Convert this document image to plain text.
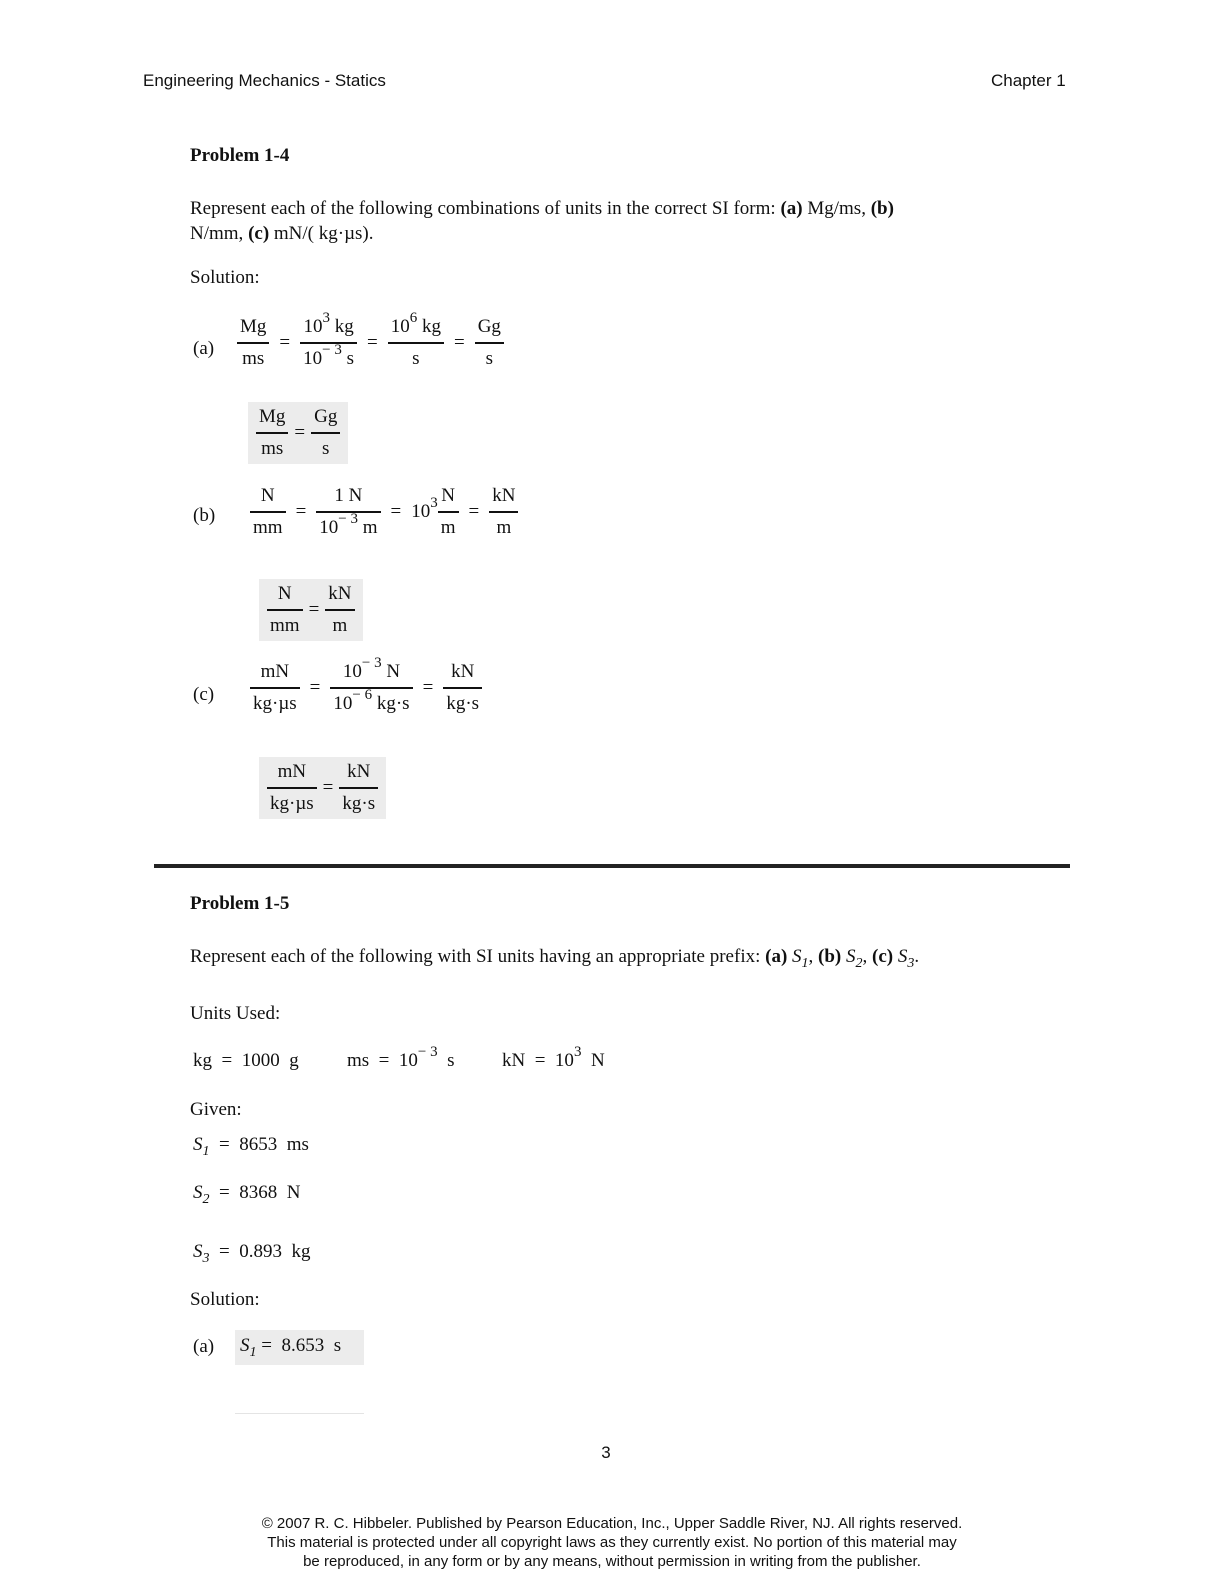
Engineering Mechanics - Statics	Chapter 1
Problem 1-4
Represent each of the following combinations of units in the correct SI form: (a) Mg/ms, (b)
N/mm, (c) mN/( kg·µs).
Solution:
$(a) \frac{Mg}{ms} = \frac{10^3 kg}{10^{- 3} s} = \frac{10^6 kg}{s} = \frac{Gg}{s}$
$\frac{Mg}{ms} = \frac{Gg}{s}$
$(b) \frac{N}{mm} = \frac{1 N}{10^{- 3} m} = 10^3 \frac{N}{m} = \frac{kN}{m}$
$\frac{N}{mm} = \frac{kN}{m}$
$(c) \frac{mN}{\text{kg·µs}} = \frac{10^{- 3} N}{10^{- 6} kg\cdot s} = \frac{kN}{kg\cdot s}$
$\frac{mN}{\text{kg·µs}} = \frac{kN}{kg\cdot s}$
Problem 1-5
Represent each of the following with SI units having an appropriate prefix: (a) $S_1$, (b) $S_2$, (c) $S_3$.
Units Used:
kg  =  1000  g	ms  =  $10^{- 3}$  s kN  =  $10^3$  N
Given:
$S_1 = 8653$  ms
$S_2 = 8368$  N
$S_3 = 0.893$  kg
Solution:
(a) $S_1 = 8.653$  s
3
© 2007 R. C. Hibbeler. Published by Pearson Education, Inc., Upper Saddle River, NJ. All rights reserved.
This material is protected under all copyright laws as they currently exist. No portion of this material may
be reproduced, in any form or by any means, without permission in writing from the publisher.
